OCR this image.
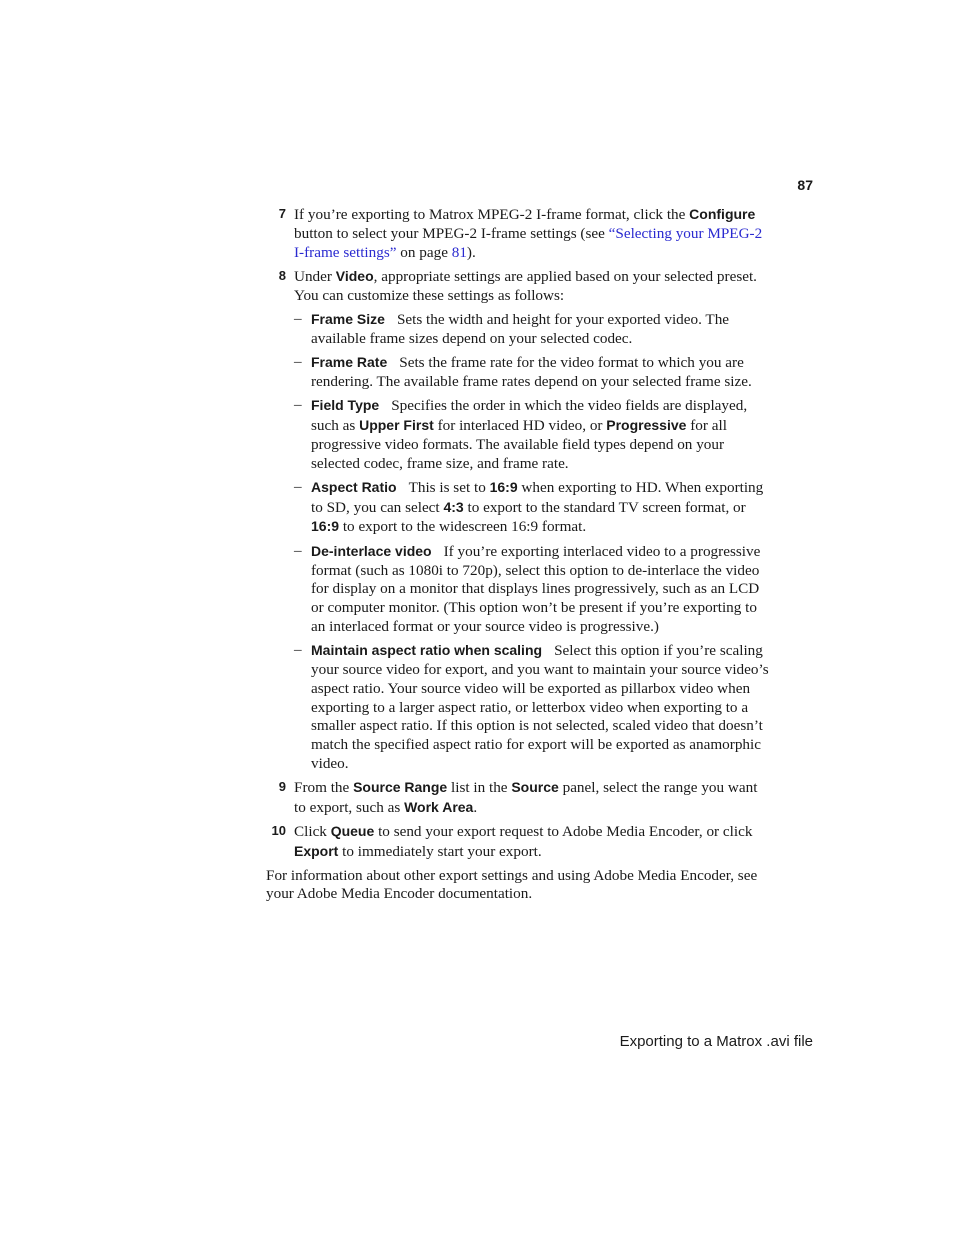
87
7 If you’re exporting to Matrox MPEG-2 I-frame format, click the Configure button to select your MPEG-2 I-frame settings (see “Selecting your MPEG-2 I-frame settings” on page 81).
8 Under Video, appropriate settings are applied based on your selected preset. You can customize these settings as follows:
– Frame Size Sets the width and height for your exported video. The available frame sizes depend on your selected codec.
– Frame Rate Sets the frame rate for the video format to which you are rendering. The available frame rates depend on your selected frame size.
– Field Type Specifies the order in which the video fields are displayed, such as Upper First for interlaced HD video, or Progressive for all progressive video formats. The available field types depend on your selected codec, frame size, and frame rate.
– Aspect Ratio This is set to 16:9 when exporting to HD. When exporting to SD, you can select 4:3 to export to the standard TV screen format, or 16:9 to export to the widescreen 16:9 format.
– De-interlace video If you’re exporting interlaced video to a progressive format (such as 1080i to 720p), select this option to de-interlace the video for display on a monitor that displays lines progressively, such as an LCD or computer monitor. (This option won’t be present if you’re exporting to an interlaced format or your source video is progressive.)
– Maintain aspect ratio when scaling Select this option if you’re scaling your source video for export, and you want to maintain your source video’s aspect ratio. Your source video will be exported as pillarbox video when exporting to a larger aspect ratio, or letterbox video when exporting to a smaller aspect ratio. If this option is not selected, scaled video that doesn’t match the specified aspect ratio for export will be exported as anamorphic video.
9 From the Source Range list in the Source panel, select the range you want to export, such as Work Area.
10 Click Queue to send your export request to Adobe Media Encoder, or click Export to immediately start your export.
For information about other export settings and using Adobe Media Encoder, see your Adobe Media Encoder documentation.
Exporting to a Matrox .avi file
